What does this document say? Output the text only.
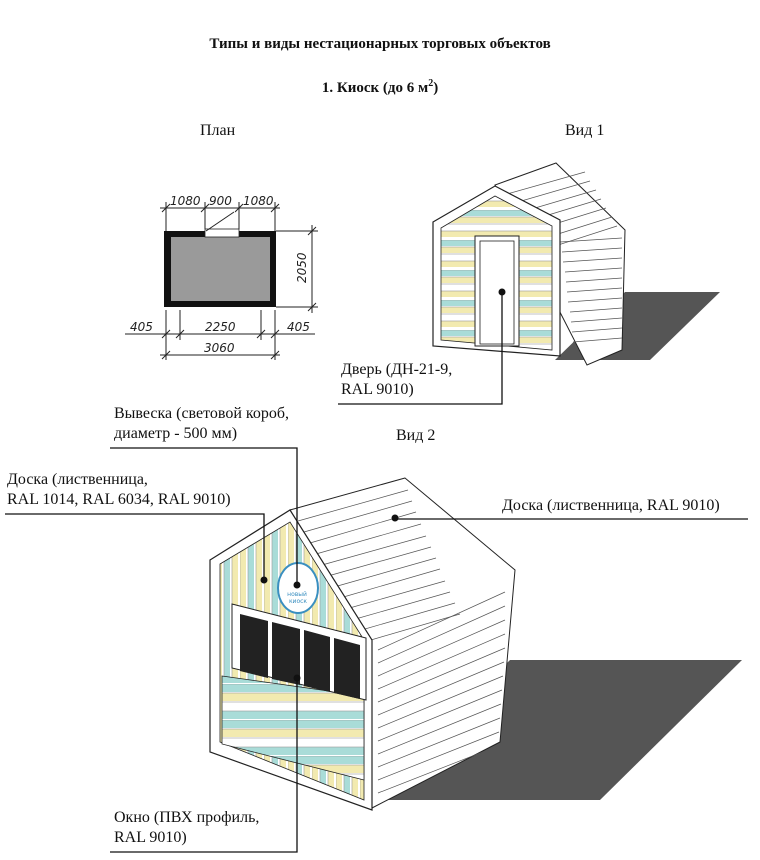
Типы и виды нестационарных торговых объектов
1. Киоск (до 6 $м^2$)
План	Вид 1
Вид 2
1080 900 1080
2050
405	2250	405
3060
новый киоск
Дверь (ДН-21-9,
RAL 9010)
Вывеска (световой короб,
диаметр - 500 мм)
Доска (лиственница,
RAL 1014, RAL 6034, RAL 9010)	Доска (лиственница, RAL 9010)
Окно (ПВХ профиль,
RAL 9010)
